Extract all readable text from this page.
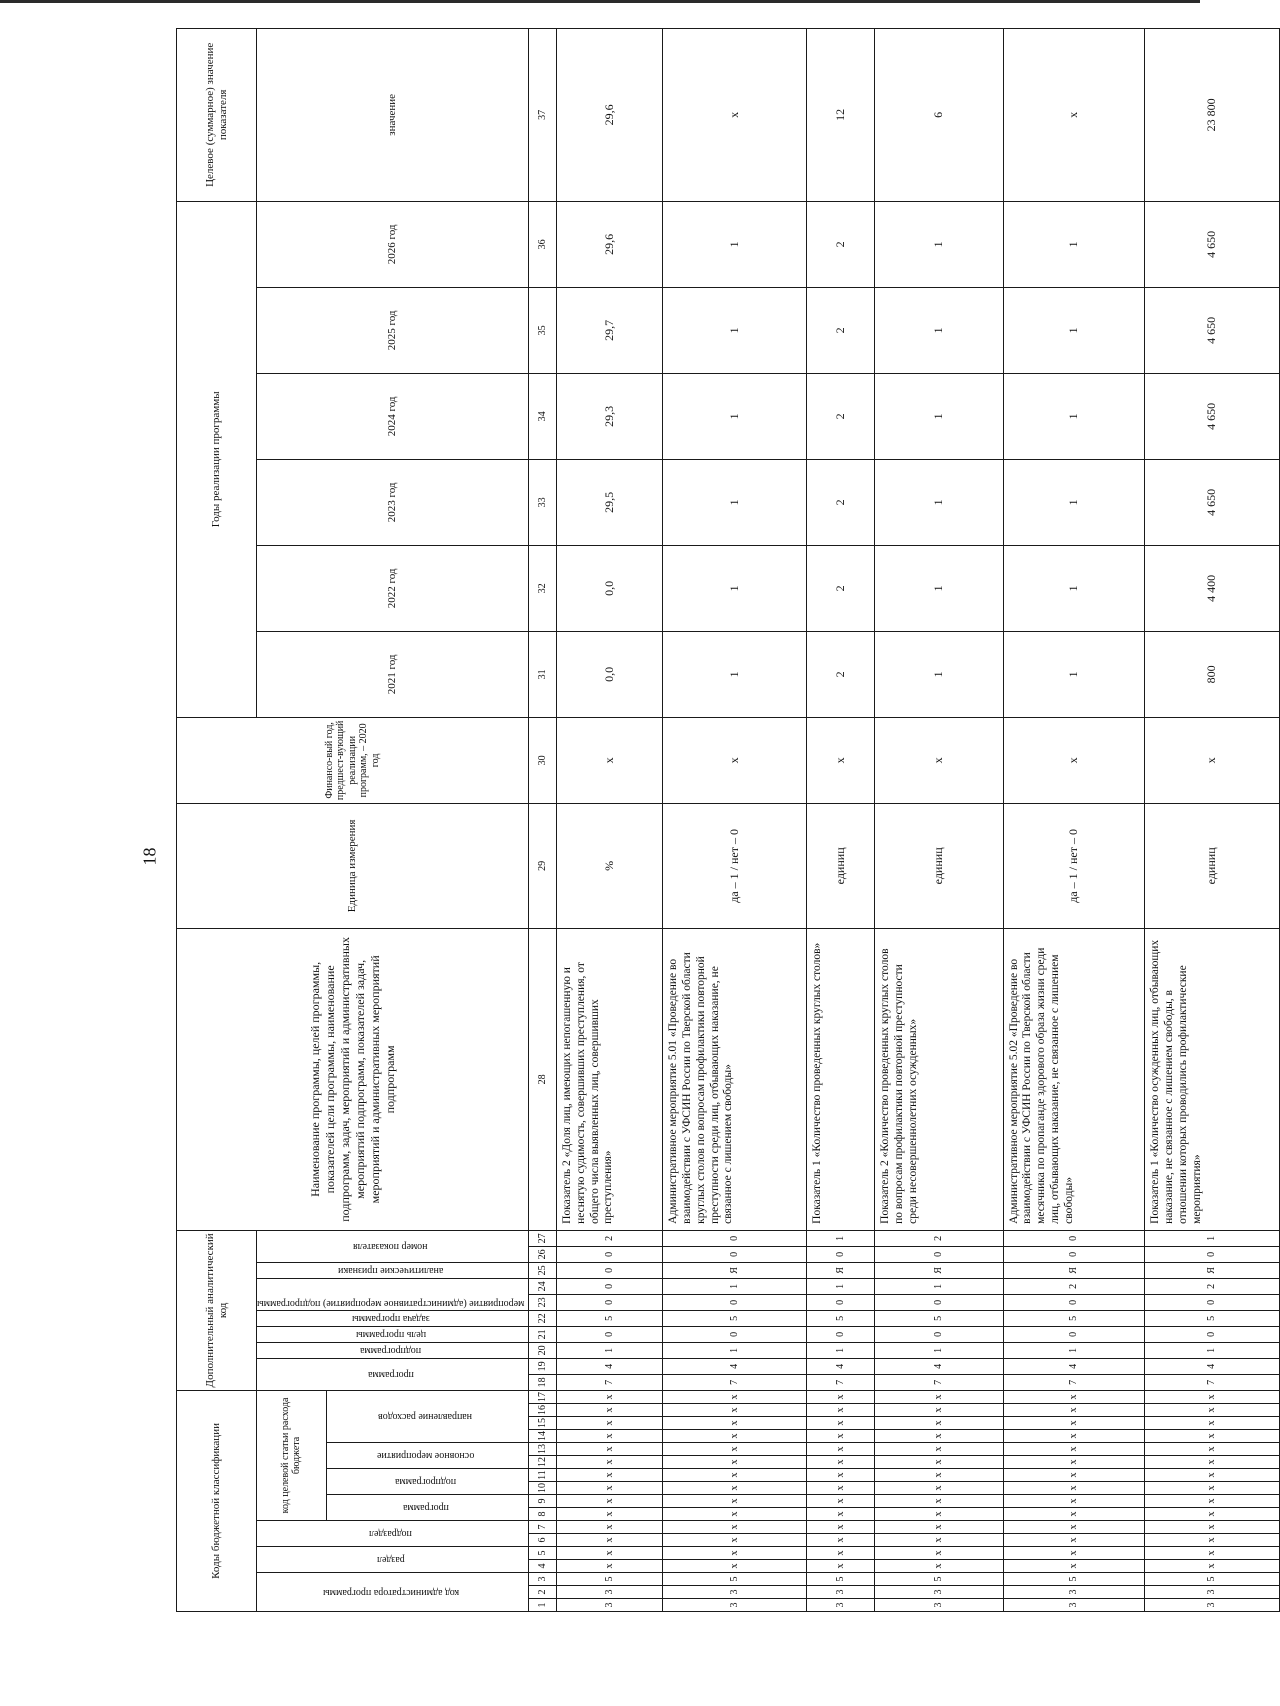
18
Коды бюджетной классификации																	Дополнительный аналитический код										Наименование программы, целей программы, показателей цели программы, наименование подпрограмм, задач, мероприятий и административных мероприятий подпрограмм, показателей задач, мероприятий и административных мероприятий подпрограмм	Единица измерения	Финансо-вый год, предшест-вующий реализации программ, – 2020 год	Годы реализации программы						Целевое (суммарное) значение показателя
код администратора программы			раздел		подраздел		код целевой статьи расхода бюджета										программа		подпрограмма	цель программы	задача программы	мероприятие (административное мероприятие) подпрограммы		аналитические признаки	номер показателя					2021 год	2022 год	2023 год	2024 год	2025 год	2026 год	значение
							программа		подпрограмма		основное мероприятие		направление расходов																							
1	2	3	4	5	6	7	8	9	10	11	12	13	14	15	16	17	18	19	20	21	22	23	24	25	26	27	28	29	30	31	32	33	34	35	36	37
3	3	5	x	x	x	x	x	x	x	x	x	x	x	x	x	x	7	4	1	0	5	0	0	0	0	2	Показатель 2 «Доля лиц, имеющих непогашенную и неснятую судимость, совершивших преступления, от общего числа выявленных лиц, совершивших преступления»	%	x	0,0	0,0	29,5	29,3	29,7	29,6	29,6
3	3	5	x	x	x	x	x	x	x	x	x	x	x	x	x	x	7	4	1	0	5	0	1	Я	0	0	Административное мероприятие 5.01 «Проведение во взаимодействии с УФСИН России по Тверской области круглых столов по вопросам профилактики повторной преступности среди лиц, отбывающих наказание, не связанное с лишением свободы»	да – 1 / нет – 0	x	1	1	1	1	1	1	x
3	3	5	x	x	x	x	x	x	x	x	x	x	x	x	x	x	7	4	1	0	5	0	1	Я	0	1	Показатель 1 «Количество проведенных круглых столов»	единиц	x	2	2	2	2	2	2	12
3	3	5	x	x	x	x	x	x	x	x	x	x	x	x	x	x	7	4	1	0	5	0	1	Я	0	2	Показатель 2 «Количество проведенных круглых столов по вопросам профилактики повторной преступности среди несовершеннолетних осужденных»	единиц	x	1	1	1	1	1	1	6
3	3	5	x	x	x	x	x	x	x	x	x	x	x	x	x	x	7	4	1	0	5	0	2	Я	0	0	Административное мероприятие 5.02 «Проведение во взаимодействии с УФСИН России по Тверской области месячника по пропаганде здорового образа жизни среди лиц, отбывающих наказание, не связанное с лишением свободы»	да – 1 / нет – 0	x	1	1	1	1	1	1	x
3	3	5	x	x	x	x	x	x	x	x	x	x	x	x	x	x	7	4	1	0	5	0	2	Я	0	1	Показатель 1 «Количество осужденных лиц, отбывающих наказание, не связанное с лишением свободы, в отношении которых проводились профилактические мероприятия»	единиц	x	800	4 400	4 650	4 650	4 650	4 650	23 800
